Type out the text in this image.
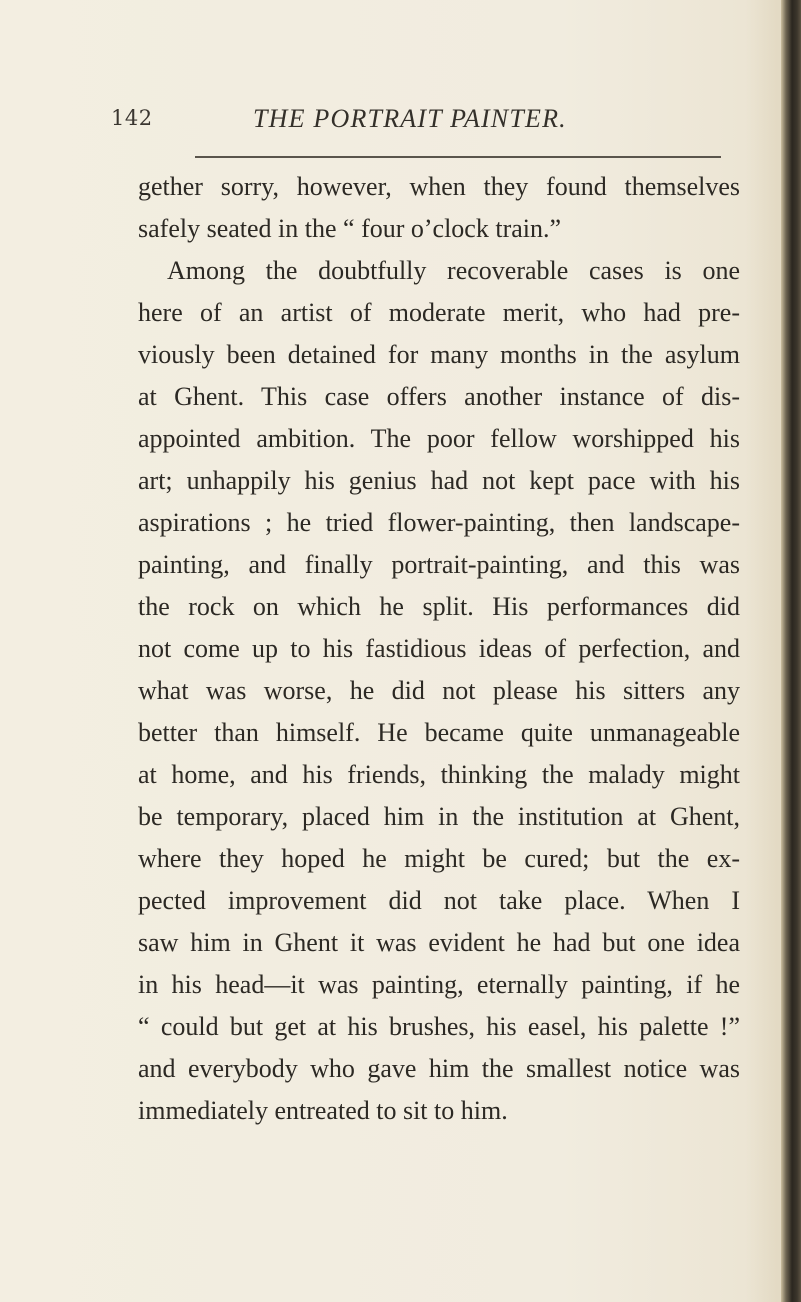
142	THE PORTRAIT PAINTER.
gether sorry, however, when they found themselves
safely seated in the “ four o’clock train.”
Among the doubtfully recoverable cases is one
here of an artist of moderate merit, who had pre-
viously been detained for many months in the asylum
at Ghent. This case offers another instance of dis-
appointed ambition. The poor fellow worshipped his
art; unhappily his genius had not kept pace with his
aspirations ; he tried flower-painting, then landscape-
painting, and finally portrait-painting, and this was
the rock on which he split. His performances did
not come up to his fastidious ideas of perfection, and
what was worse, he did not please his sitters any
better than himself. He became quite unmanageable
at home, and his friends, thinking the malady might
be temporary, placed him in the institution at Ghent,
where they hoped he might be cured; but the ex-
pected improvement did not take place. When I
saw him in Ghent it was evident he had but one idea
in his head—it was painting, eternally painting, if he
“ could but get at his brushes, his easel, his palette !”
and everybody who gave him the smallest notice was
immediately entreated to sit to him.
